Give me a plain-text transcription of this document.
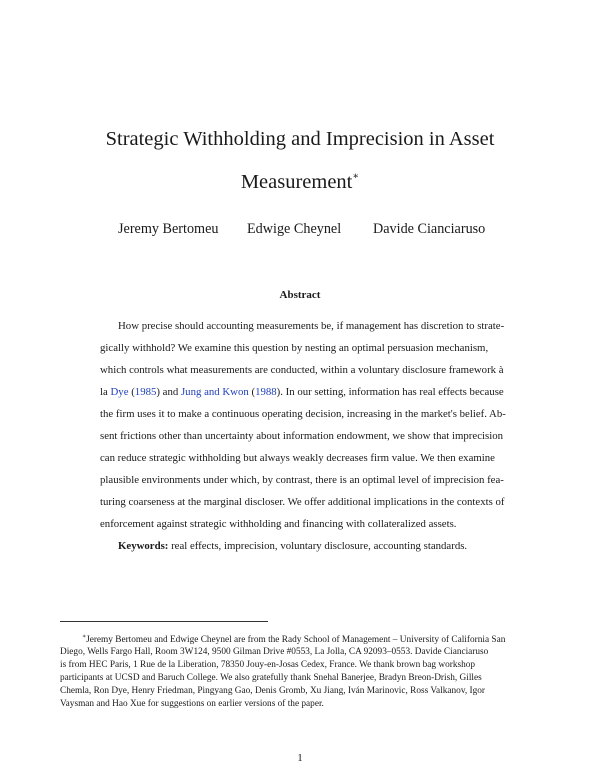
Strategic Withholding and Imprecision in Asset
Measurement∗
Jeremy Bertomeu Edwige Cheynel Davide Cianciaruso
Abstract
How precise should accounting measurements be, if management has discretion to strate-
gically withhold? We examine this question by nesting an optimal persuasion mechanism,
which controls what measurements are conducted, within a voluntary disclosure framework à
la Dye (1985) and Jung and Kwon (1988). In our setting, information has real effects because
the firm uses it to make a continuous operating decision, increasing in the market's belief. Ab-
sent frictions other than uncertainty about information endowment, we show that imprecision
can reduce strategic withholding but always weakly decreases firm value. We then examine
plausible environments under which, by contrast, there is an optimal level of imprecision fea-
turing coarseness at the marginal discloser. We offer additional implications in the contexts of
enforcement against strategic withholding and financing with collateralized assets.
Keywords: real effects, imprecision, voluntary disclosure, accounting standards.
∗Jeremy Bertomeu and Edwige Cheynel are from the Rady School of Management – University of California San
Diego, Wells Fargo Hall, Room 3W124, 9500 Gilman Drive #0553, La Jolla, CA 92093–0553. Davide Cianciaruso
is from HEC Paris, 1 Rue de la Liberation, 78350 Jouy-en-Josas Cedex, France. We thank brown bag workshop
participants at UCSD and Baruch College. We also gratefully thank Snehal Banerjee, Bradyn Breon-Drish, Gilles
Chemla, Ron Dye, Henry Friedman, Pingyang Gao, Denis Gromb, Xu Jiang, Iván Marinovic, Ross Valkanov, Igor
Vaysman and Hao Xue for suggestions on earlier versions of the paper.
1
